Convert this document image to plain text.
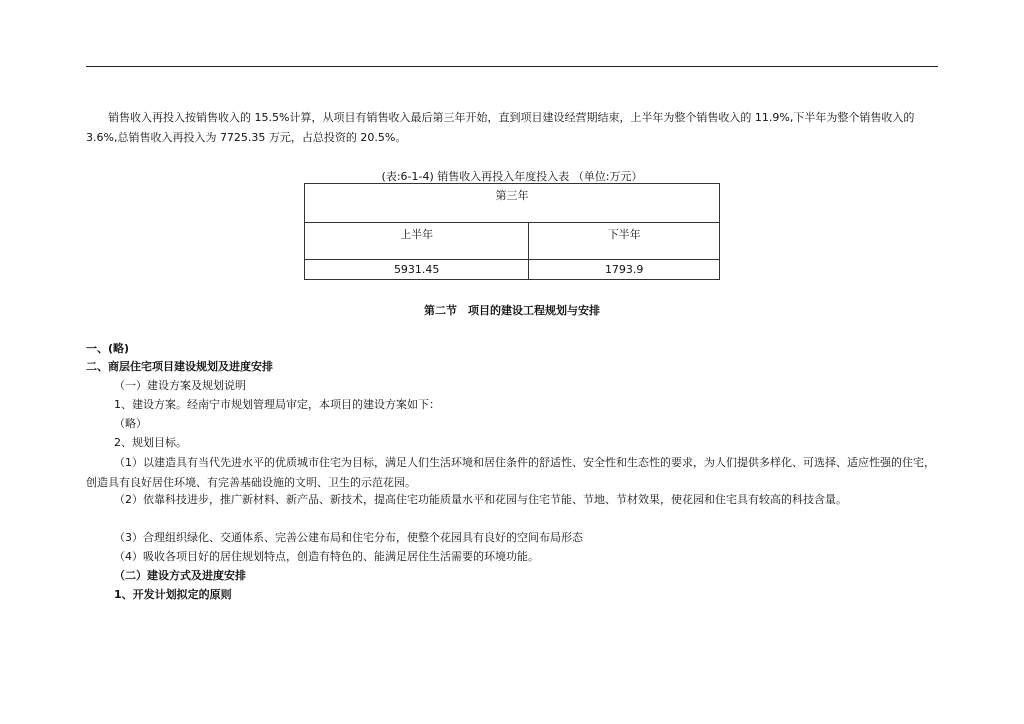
销售收入再投入按销售收入的 15.5%计算，从项目有销售收入最后第三年开始，直到项目建设经营期结束，上半年为整个销售收入的 11.9%,下半年为整个销售收入的 3.6%,总销售收入再投入为 7725.35 万元，占总投资的 20.5%。
(表:6-1-4) 销售收入再投入年度投入表 （单位:万元）
第三年	
上半年	下半年
5931.45	1793.9
第二节　项目的建设工程规划与安排
一、(略)
二、商层住宅项目建设规划及进度安排
（一）建设方案及规划说明
1、建设方案。经南宁市规划管理局审定，本项目的建设方案如下：
（略）
2、规划目标。
（1）以建造具有当代先进水平的优质城市住宅为目标，满足人们生活环境和居住条件的舒适性、安全性和生态性的要求，为人们提供多样化、可选择、适应性强的住宅，创造具有良好居住环境、有完善基础设施的文明、卫生的示范花园。
（2）依靠科技进步，推广新材料、新产品、新技术，提高住宅功能质量水平和花园与住宅节能、节地、节材效果，使花园和住宅具有较高的科技含量。
（3）合理组织绿化、交通体系、完善公建布局和住宅分布，使整个花园具有良好的空间布局形态
（4）吸收各项目好的居住规划特点，创造有特色的、能满足居住生活需要的环境功能。
（二）建设方式及进度安排
1、开发计划拟定的原则
